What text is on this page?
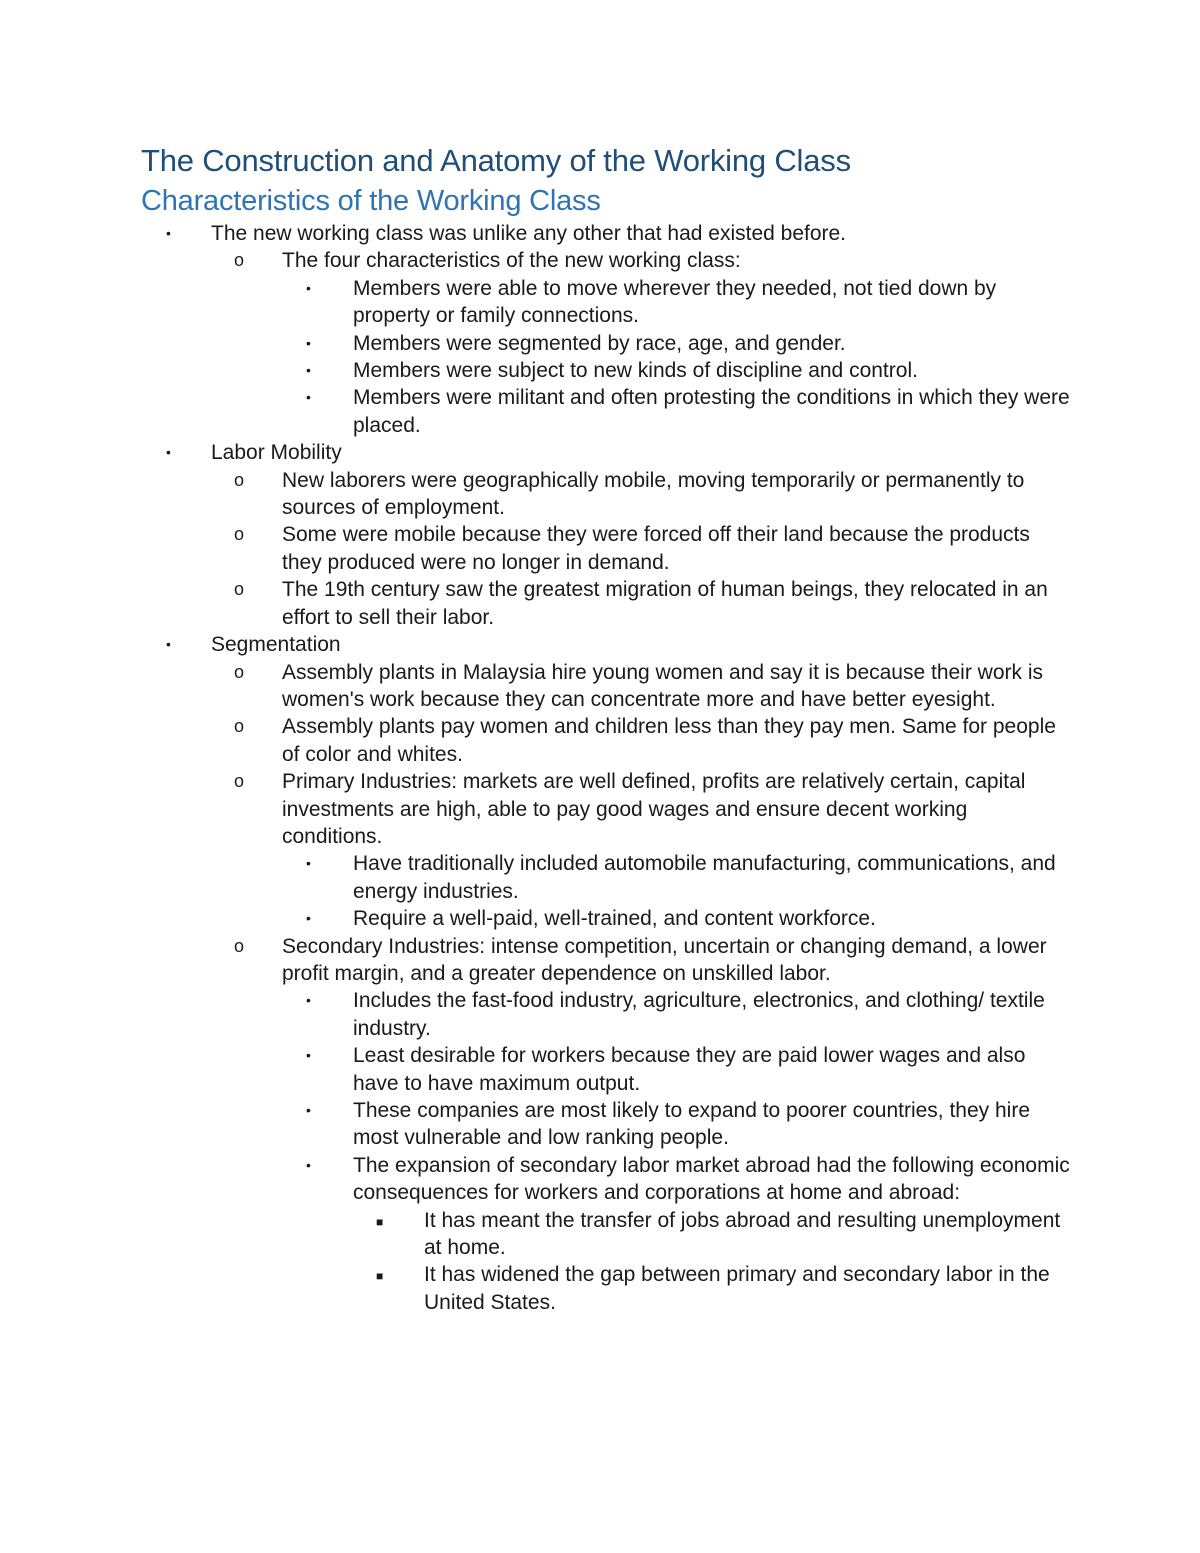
The Construction and Anatomy of the Working Class
Characteristics of the Working Class
•	The new working class was unlike any other that had existed before.
o	The four characteristics of the new working class:
•	Members were able to move wherever they needed, not tied down by property or family connections.
•	Members were segmented by race, age, and gender.
•	Members were subject to new kinds of discipline and control.
•	Members were militant and often protesting the conditions in which they were placed.
•	Labor Mobility
o	New laborers were geographically mobile, moving temporarily or permanently to sources of employment.
o	Some were mobile because they were forced off their land because the products they produced were no longer in demand.
o	The 19th century saw the greatest migration of human beings, they relocated in an effort to sell their labor.
•	Segmentation
o	Assembly plants in Malaysia hire young women and say it is because their work is women's work because they can concentrate more and have better eyesight.
o	Assembly plants pay women and children less than they pay men. Same for people of color and whites.
o	Primary Industries: markets are well defined, profits are relatively certain, capital investments are high, able to pay good wages and ensure decent working conditions.
•	Have traditionally included automobile manufacturing, communications, and energy industries.
•	Require a well-paid, well-trained, and content workforce.
o	Secondary Industries: intense competition, uncertain or changing demand, a lower profit margin, and a greater dependence on unskilled labor.
•	Includes the fast-food industry, agriculture, electronics, and clothing/ textile industry.
•	Least desirable for workers because they are paid lower wages and also have to have maximum output.
•	These companies are most likely to expand to poorer countries, they hire most vulnerable and low ranking people.
•	The expansion of secondary labor market abroad had the following economic consequences for workers and corporations at home and abroad:
■	It has meant the transfer of jobs abroad and resulting unemployment at home.
■	It has widened the gap between primary and secondary labor in the United States.
